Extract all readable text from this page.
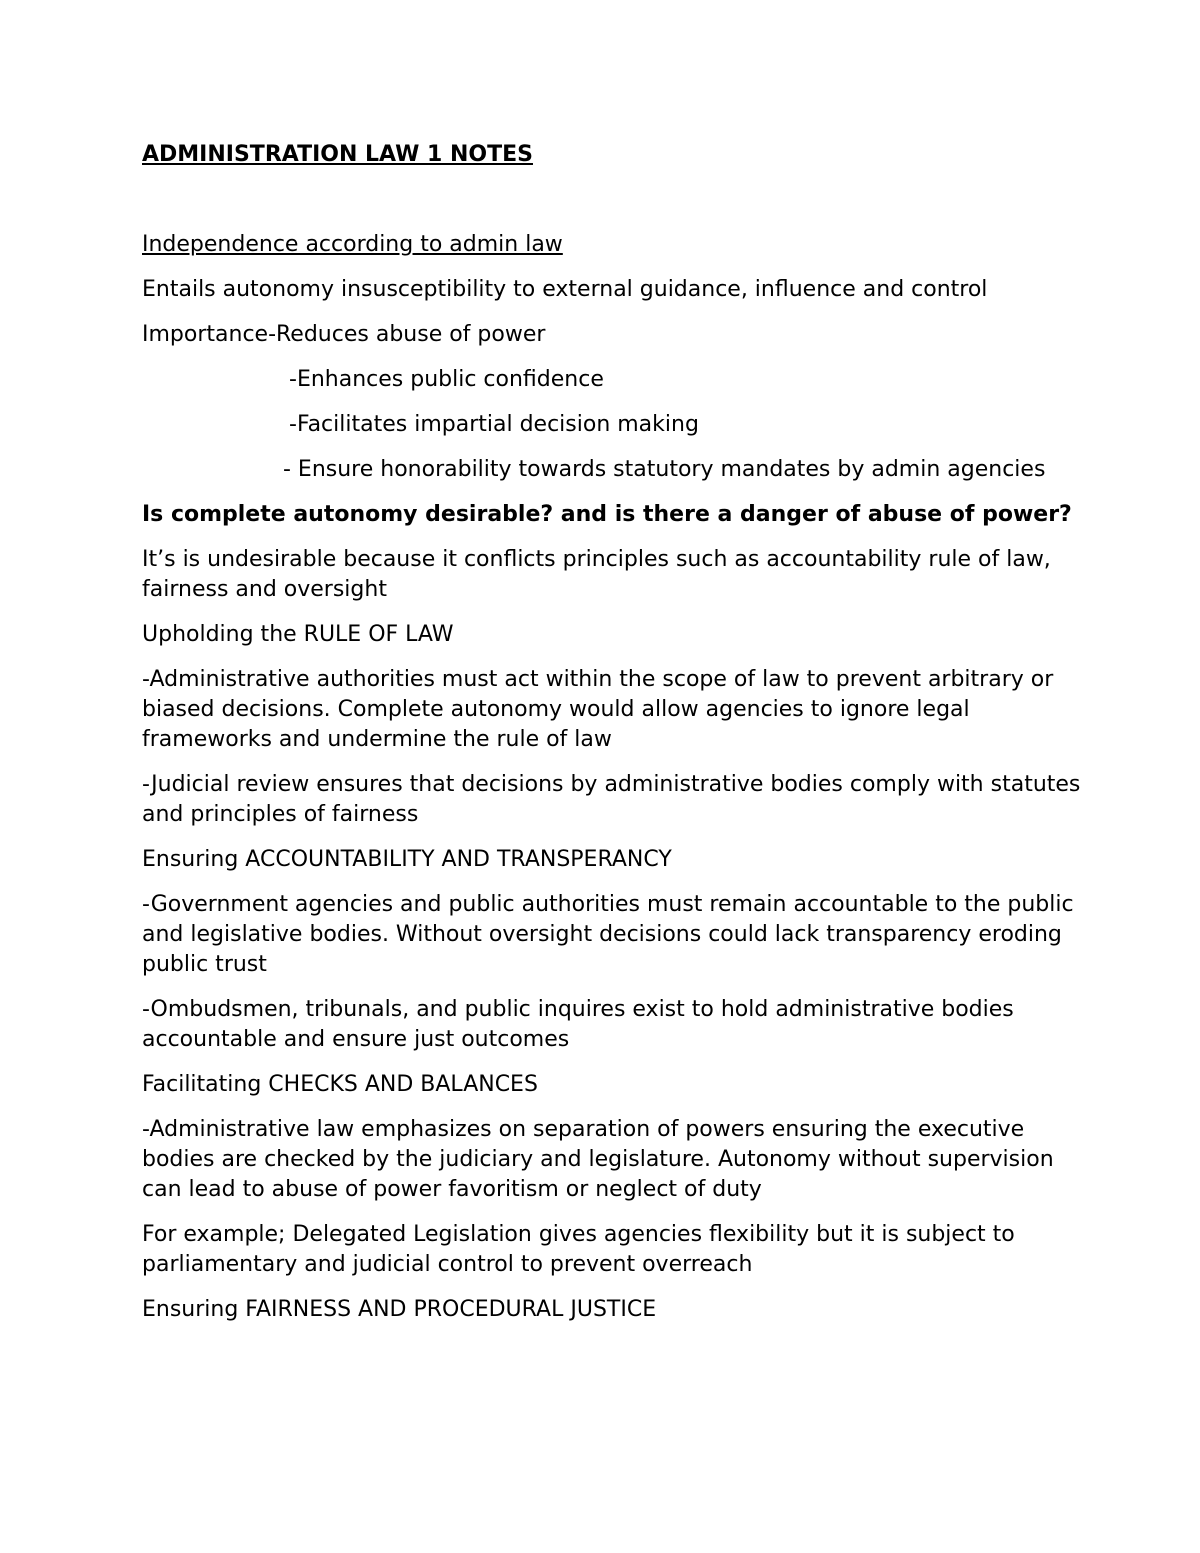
ADMINISTRATION LAW 1 NOTES
Independence according to admin law
Entails autonomy insusceptibility to external guidance, influence and control
Importance-Reduces abuse of power
-Enhances public confidence
-Facilitates impartial decision making
- Ensure honorability towards statutory mandates by admin agencies
Is complete autonomy desirable? and is there a danger of abuse of power?
It’s is undesirable because it conflicts principles such as accountability rule of law, fairness and oversight
Upholding the RULE OF LAW
-Administrative authorities must act within the scope of law to prevent arbitrary or biased decisions. Complete autonomy would allow agencies to ignore legal frameworks and undermine the rule of law
-Judicial review ensures that decisions by administrative bodies comply with statutes and principles of fairness
Ensuring ACCOUNTABILITY AND TRANSPERANCY
-Government agencies and public authorities must remain accountable to the public and legislative bodies. Without oversight decisions could lack transparency eroding public trust
-Ombudsmen, tribunals, and public inquires exist to hold administrative bodies accountable and ensure just outcomes
Facilitating CHECKS AND BALANCES
-Administrative law emphasizes on separation of powers ensuring the executive bodies are checked by the judiciary and legislature. Autonomy without supervision can lead to abuse of power favoritism or neglect of duty
For example; Delegated Legislation gives agencies flexibility but it is subject to parliamentary and judicial control to prevent overreach
Ensuring FAIRNESS AND PROCEDURAL JUSTICE
